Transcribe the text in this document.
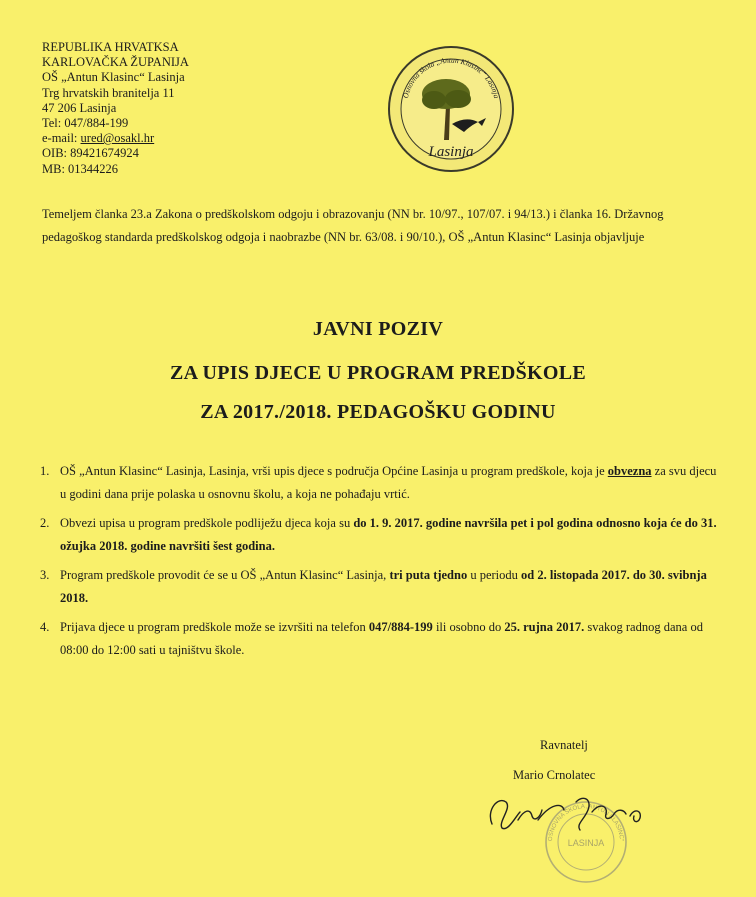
REPUBLIKA HRVATKSA
KARLOVAČKA ŽUPANIJA
OŠ „Antun Klasinc“ Lasinja
Trg hrvatskih branitelja 11
47 206 Lasinja
Tel: 047/884-199
e-mail: ured@osakl.hr
OIB: 89421674924
MB: 01344226
Osnovna škola „Antun Klasinc“ Lasinja
Lasinja
Temeljem članka 23.a Zakona o predškolskom odgoju i obrazovanju (NN br. 10/97., 107/07. i 94/13.) i članka 16. Državnog pedagoškog standarda predškolskog odgoja i naobrazbe (NN br. 63/08. i 90/10.), OŠ „Antun Klasinc“ Lasinja objavljuje
JAVNI POZIV
ZA UPIS DJECE U PROGRAM PREDŠKOLE
ZA 2017./2018. PEDAGOŠKU GODINU
1. OŠ „Antun Klasinc“ Lasinja, Lasinja, vrši upis djece s područja Općine Lasinja u program predškole, koja je obvezna za svu djecu u godini dana prije polaska u osnovnu školu, a koja ne pohađaju vrtić.
2. Obvezi upisa u program predškole podliježu djeca koja su do 1. 9. 2017. godine navršila pet i pol godina odnosno koja će do 31. ožujka 2018. godine navršiti šest godina.
3. Program predškole provodit će se u OŠ „Antun Klasinc“ Lasinja, tri puta tjedno u periodu od 2. listopada 2017. do 30. svibnja 2018.
4. Prijava djece u program predškole može se izvršiti na telefon 047/884-199 ili osobno do 25. rujna 2017. svakog radnog dana od 08:00 do 12:00 sati u tajništvu škole.
Ravnatelj
Mario Crnolatec
OSNOVNA ŠKOLA „ANTUN KLASINC“
LASINJA
